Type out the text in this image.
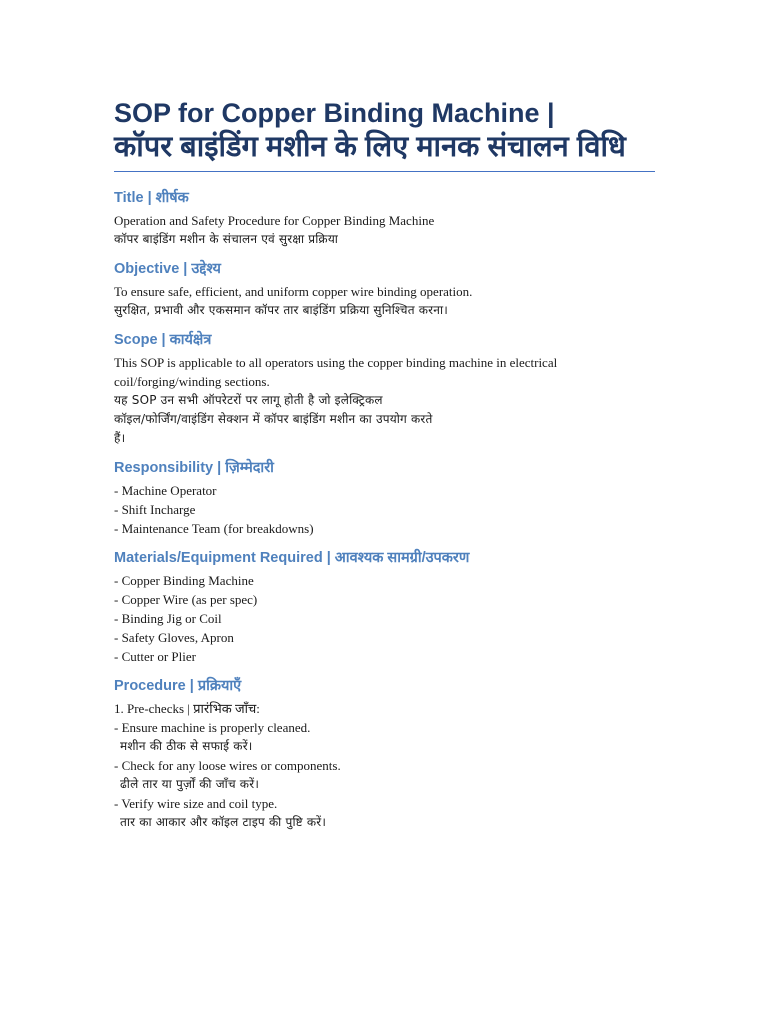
SOP for Copper Binding Machine |
कॉपर बाइंडिंग मशीन के लिए मानक संचालन विधि
Title | शीर्षक

Operation and Safety Procedure for Copper Binding Machine

कॉपर बाइंडिंग मशीन के संचालन एवं सुरक्षा प्रक्रिया

Objective | उद्देश्य

To ensure safe, efficient, and uniform copper wire binding operation.

सुरक्षित, प्रभावी और एकसमान कॉपर तार बाइंडिंग प्रक्रिया सुनिश्चित करना।

Scope | कार्यक्षेत्र

This SOP is applicable to all operators using the copper binding machine in electrical

coil/forging/winding sections.

यह SOP उन सभी ऑपरेटरों पर लागू होती है जो इलेक्ट्रिकल

कॉइल/फोर्जिंग/वाइंडिंग सेक्शन में कॉपर बाइंडिंग मशीन का उपयोग करते

हैं।

Responsibility | ज़िम्मेदारी

- Machine Operator

- Shift Incharge

- Maintenance Team (for breakdowns)

Materials/Equipment Required | आवश्यक सामग्री/उपकरण

- Copper Binding Machine

- Copper Wire (as per spec)

- Binding Jig or Coil

- Safety Gloves, Apron

- Cutter or Plier

Procedure | प्रक्रियाएँ

1. Pre-checks | प्रारंभिक जाँच:

- Ensure machine is properly cleaned.

मशीन की ठीक से सफाई करें।

- Check for any loose wires or components.

ढीले तार या पुर्ज़ों की जाँच करें।

- Verify wire size and coil type.

तार का आकार और कॉइल टाइप की पुष्टि करें।
